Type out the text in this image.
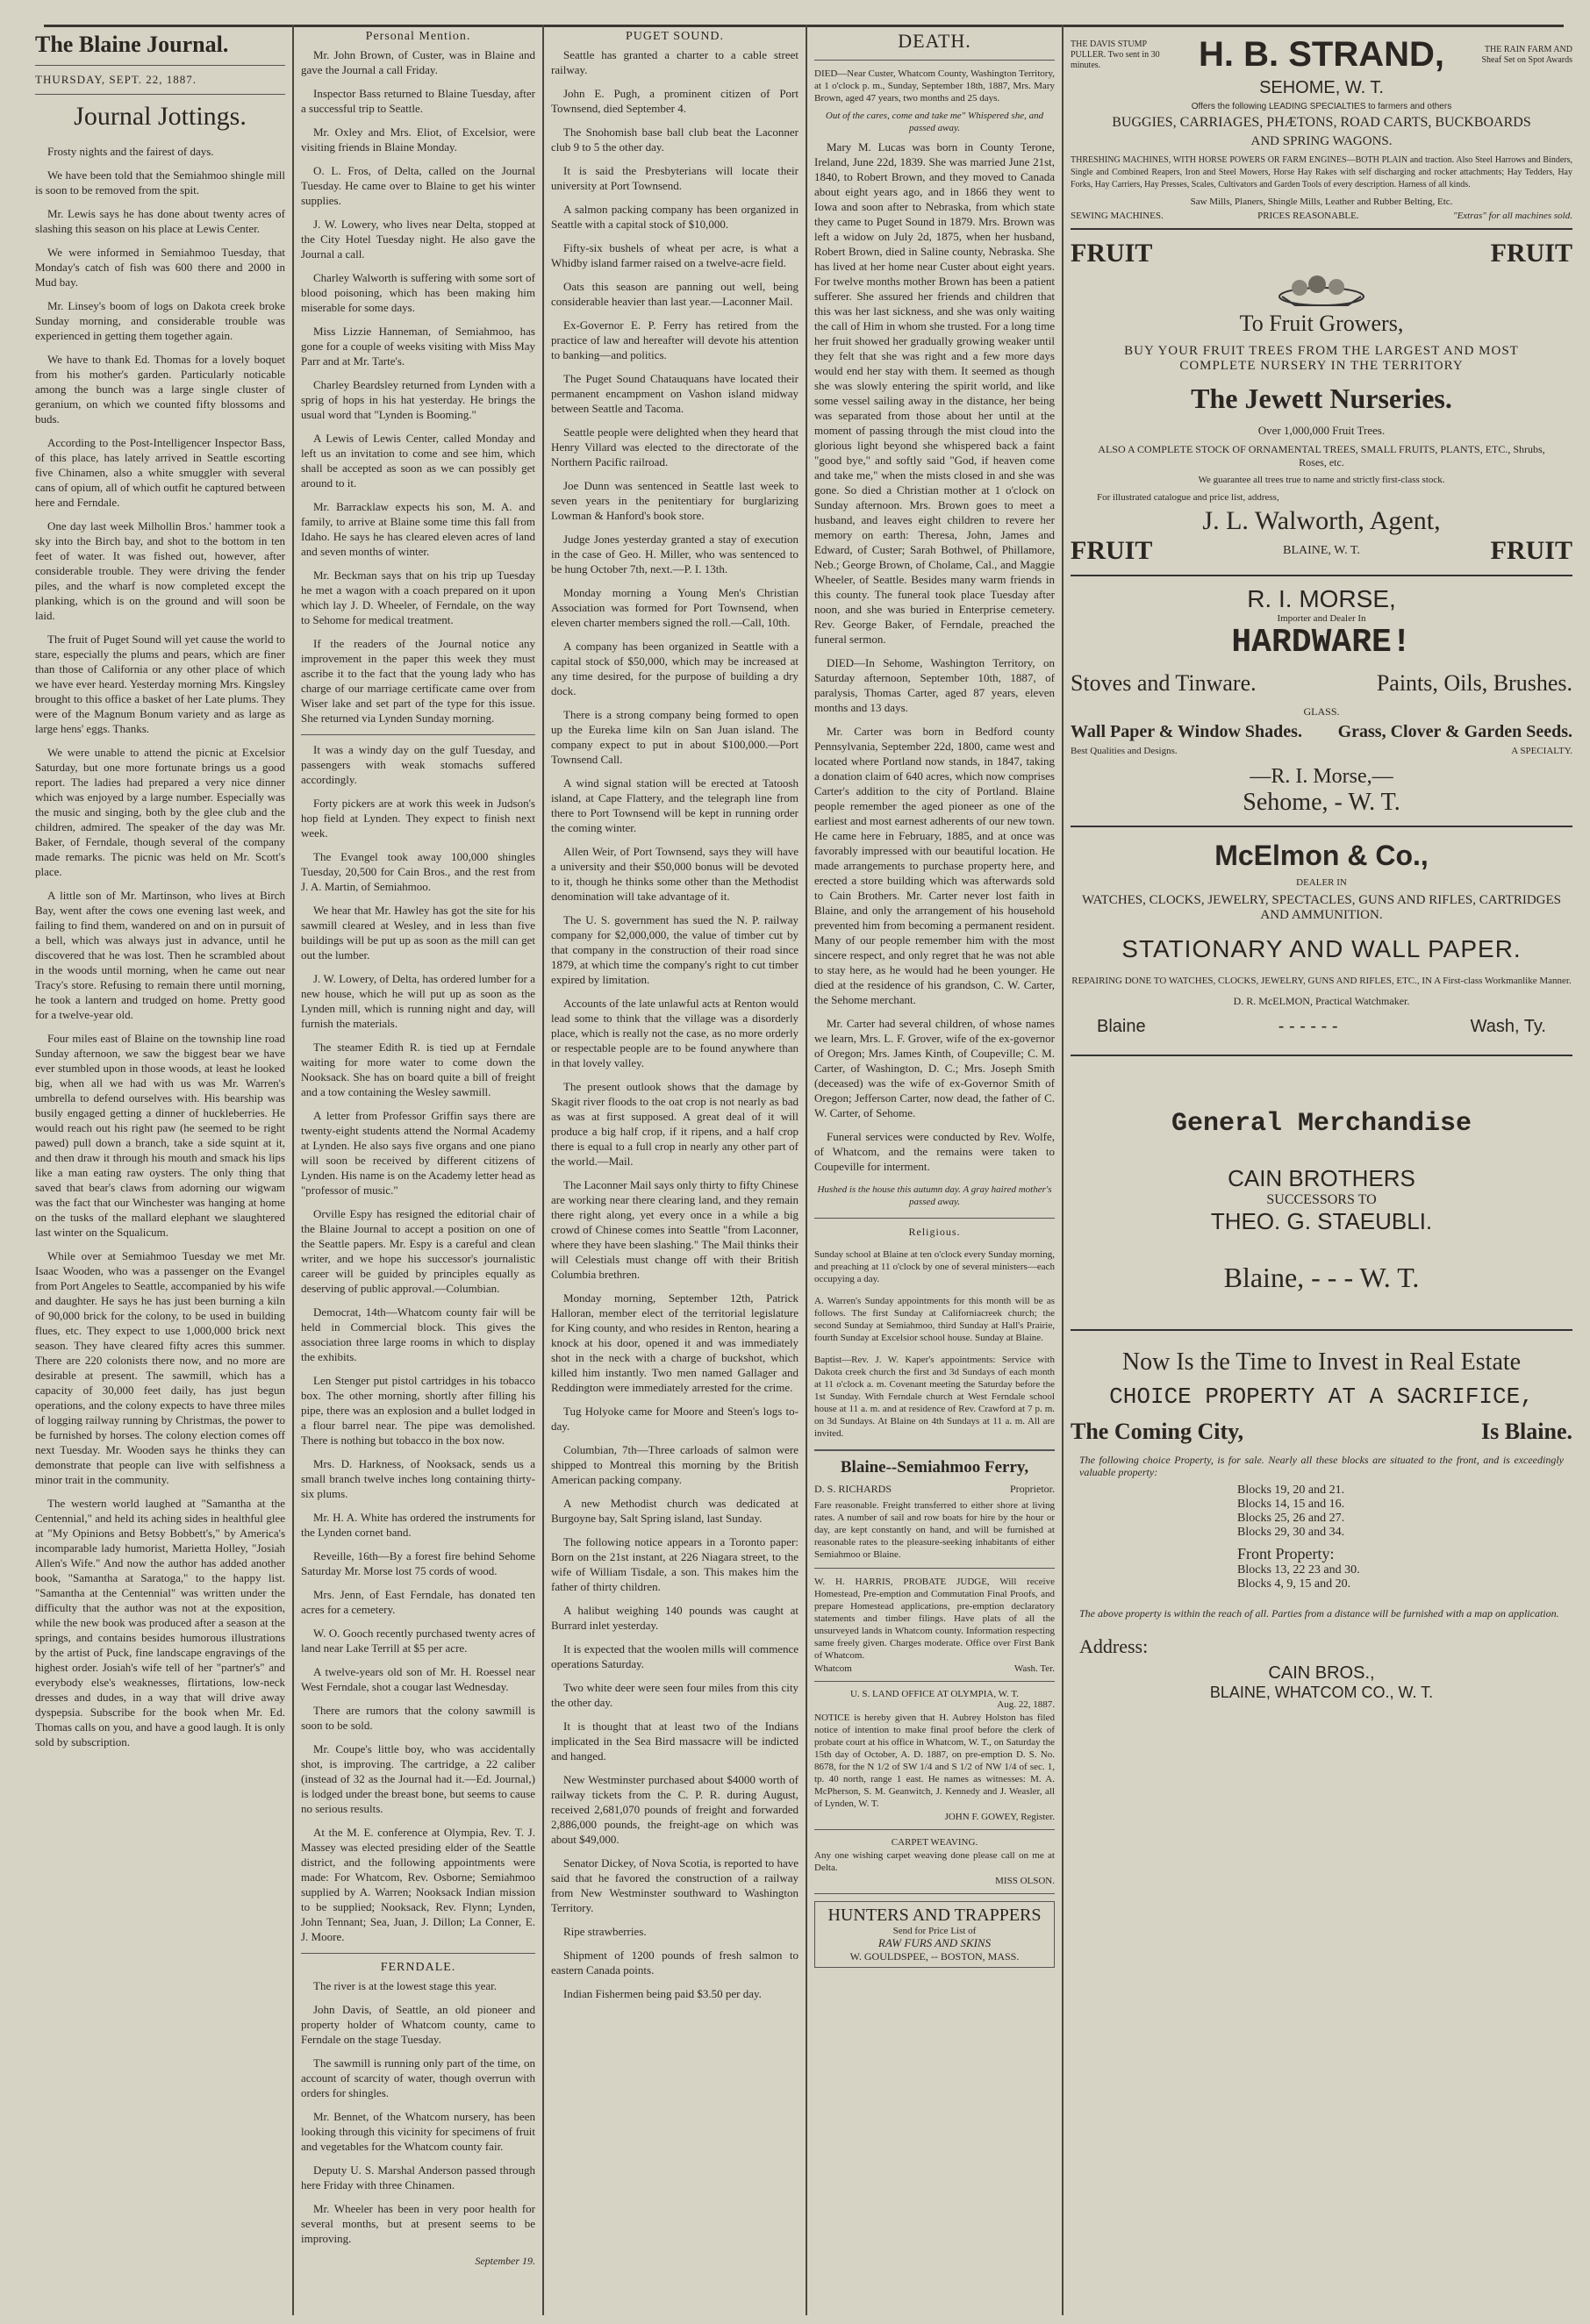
The Blaine Journal.
THURSDAY, SEPT. 22, 1887.
Journal Jottings.

Frosty nights and the fairest of days.

We have been told that the Semiahmoo shingle mill is soon to be removed from the spit.

Mr. Lewis says he has done about twenty acres of slashing this season on his place at Lewis Center.

We were informed in Semiahmoo Tuesday, that Monday's catch of fish was 600 there and 2000 in Mud bay.

Mr. Linsey's boom of logs on Dakota creek broke Sunday morning, and considerable trouble was experienced in getting them together again.

We have to thank Ed. Thomas for a lovely boquet from his mother's garden. Particularly noticable among the bunch was a large single cluster of geranium, on which we counted fifty blossoms and buds.

According to the Post-Intelligencer Inspector Bass, of this place, has lately arrived in Seattle escorting five Chinamen, also a white smuggler with several cans of opium, all of which outfit he captured between here and Ferndale.

One day last week Milhollin Bros.' hammer took a sky into the Birch bay, and shot to the bottom in ten feet of water. It was fished out, however, after considerable trouble. They were driving the fender piles, and the wharf is now completed except the planking, which is on the ground and will soon be laid.

The fruit of Puget Sound will yet cause the world to stare, especially the plums and pears, which are finer than those of California or any other place of which we have ever heard. Yesterday morning Mrs. Kingsley brought to this office a basket of her Late plums. They were of the Magnum Bonum variety and as large as large hens' eggs. Thanks.

We were unable to attend the picnic at Excelsior Saturday, but one more fortunate brings us a good report. The ladies had prepared a very nice dinner which was enjoyed by a large number. Especially was the music and singing, both by the glee club and the children, admired. The speaker of the day was Mr. Baker, of Ferndale, though several of the company made remarks. The picnic was held on Mr. Scott's place.

A little son of Mr. Martinson, who lives at Birch Bay, went after the cows one evening last week, and failing to find them, wandered on and on in pursuit of a bell, which was always just in advance, until he discovered that he was lost. Then he scrambled about in the woods until morning, when he came out near Tracy's store. Refusing to remain there until morning, he took a lantern and trudged on home. Pretty good for a twelve-year old.

Four miles east of Blaine on the township line road Sunday afternoon, we saw the biggest bear we have ever stumbled upon in those woods, at least he looked big, when all we had with us was Mr. Warren's umbrella to defend ourselves with. His bearship was busily engaged getting a dinner of huckleberries. He would reach out his right paw (he seemed to be right pawed) pull down a branch, take a side squint at it, and then draw it through his mouth and smack his lips like a man eating raw oysters. The only thing that saved that bear's claws from adorning our wigwam was the fact that our Winchester was hanging at home on the tusks of the mallard elephant we slaughtered last winter on the Squalicum.

While over at Semiahmoo Tuesday we met Mr. Isaac Wooden, who was a passenger on the Evangel from Port Angeles to Seattle, accompanied by his wife and daughter. He says he has just been burning a kiln of 90,000 brick for the colony, to be used in building flues, etc. They expect to use 1,000,000 brick next season. They have cleared fifty acres this summer. There are 220 colonists there now, and no more are desirable at present. The sawmill, which has a capacity of 30,000 feet daily, has just begun operations, and the colony expects to have three miles of logging railway running by Christmas, the power to be furnished by horses. The colony election comes off next Tuesday. Mr. Wooden says he thinks they can demonstrate that people can live with selfishness a minor trait in the community.

The western world laughed at "Samantha at the Centennial," and held its aching sides in healthful glee at "My Opinions and Betsy Bobbett's," by America's incomparable lady humorist, Marietta Holley, "Josiah Allen's Wife." And now the author has added another book, "Samantha at Saratoga," to the happy list. "Samantha at the Centennial" was written under the difficulty that the author was not at the exposition, while the new book was produced after a season at the springs, and contains besides humorous illustrations by the artist of Puck, fine landscape engravings of the highest order. Josiah's wife tell of her "partner's" and everybody else's weaknesses, flirtations, low-neck dresses and dudes, in a way that will drive away dyspepsia. Subscribe for the book when Mr. Ed. Thomas calls on you, and have a good laugh. It is only sold by subscription.

Personal Mention.

Mr. John Brown, of Custer, was in Blaine and gave the Journal a call Friday.

Inspector Bass returned to Blaine Tuesday, after a successful trip to Seattle.

Mr. Oxley and Mrs. Eliot, of Excelsior, were visiting friends in Blaine Monday.

O. L. Fros, of Delta, called on the Journal Tuesday. He came over to Blaine to get his winter supplies.

J. W. Lowery, who lives near Delta, stopped at the City Hotel Tuesday night. He also gave the Journal a call.

Charley Walworth is suffering with some sort of blood poisoning, which has been making him miserable for some days.

Miss Lizzie Hanneman, of Semiahmoo, has gone for a couple of weeks visiting with Miss May Parr and at Mr. Tarte's.

Charley Beardsley returned from Lynden with a sprig of hops in his hat yesterday. He brings the usual word that "Lynden is Booming."

A Lewis of Lewis Center, called Monday and left us an invitation to come and see him, which shall be accepted as soon as we can possibly get around to it.

Mr. Barracklaw expects his son, M. A. and family, to arrive at Blaine some time this fall from Idaho. He says he has cleared eleven acres of land and seven months of winter.

Mr. Beckman says that on his trip up Tuesday he met a wagon with a coach prepared on it upon which lay J. D. Wheeler, of Ferndale, on the way to Sehome for medical treatment.

If the readers of the Journal notice any improvement in the paper this week they must ascribe it to the fact that the young lady who has charge of our marriage certificate came over from Wiser lake and set part of the type for this issue. She returned via Lynden Sunday morning.

It was a windy day on the gulf Tuesday, and passengers with weak stomachs suffered accordingly.

Forty pickers are at work this week in Judson's hop field at Lynden. They expect to finish next week.

The Evangel took away 100,000 shingles Tuesday, 20,500 for Cain Bros., and the rest from J. A. Martin, of Semiahmoo.

We hear that Mr. Hawley has got the site for his sawmill cleared at Wesley, and in less than five buildings will be put up as soon as the mill can get out the lumber.

J. W. Lowery, of Delta, has ordered lumber for a new house, which he will put up as soon as the Lynden mill, which is running night and day, will furnish the materials.

The steamer Edith R. is tied up at Ferndale waiting for more water to come down the Nooksack. She has on board quite a bill of freight and a tow containing the Wesley sawmill.

A letter from Professor Griffin says there are twenty-eight students attend the Normal Academy at Lynden. He also says five organs and one piano will soon be received by different citizens of Lynden. His name is on the Academy letter head as "professor of music."

Orville Espy has resigned the editorial chair of the Blaine Journal to accept a position on one of the Seattle papers. Mr. Espy is a careful and clean writer, and we hope his successor's journalistic career will be guided by principles equally as deserving of public approval.—Columbian.

Democrat, 14th—Whatcom county fair will be held in Commercial block. This gives the association three large rooms in which to display the exhibits.

Len Stenger put pistol cartridges in his tobacco box. The other morning, shortly after filling his pipe, there was an explosion and a bullet lodged in a flour barrel near. The pipe was demolished. There is nothing but tobacco in the box now.

Mrs. D. Harkness, of Nooksack, sends us a small branch twelve inches long containing thirty-six plums.

Mr. H. A. White has ordered the instruments for the Lynden cornet band.

Reveille, 16th—By a forest fire behind Sehome Saturday Mr. Morse lost 75 cords of wood.

Mrs. Jenn, of East Ferndale, has donated ten acres for a cemetery.

W. O. Gooch recently purchased twenty acres of land near Lake Terrill at $5 per acre.

A twelve-years old son of Mr. H. Roessel near West Ferndale, shot a cougar last Wednesday.

There are rumors that the colony sawmill is soon to be sold.

Mr. Coupe's little boy, who was accidentally shot, is improving. The cartridge, a 22 caliber (instead of 32 as the Journal had it.—Ed. Journal,) is lodged under the breast bone, but seems to cause no serious results.

At the M. E. conference at Olympia, Rev. T. J. Massey was elected presiding elder of the Seattle district, and the following appointments were made: For Whatcom, Rev. Osborne; Semiahmoo supplied by A. Warren; Nooksack Indian mission to be supplied; Nooksack, Rev. Flynn; Lynden, John Tennant; Sea, Juan, J. Dillon; La Conner, E. J. Moore.

FERNDALE.

The river is at the lowest stage this year.

John Davis, of Seattle, an old pioneer and property holder of Whatcom county, came to Ferndale on the stage Tuesday.

The sawmill is running only part of the time, on account of scarcity of water, though overrun with orders for shingles.

Mr. Bennet, of the Whatcom nursery, has been looking through this vicinity for specimens of fruit and vegetables for the Whatcom county fair.

Deputy U. S. Marshal Anderson passed through here Friday with three Chinamen.

Mr. Wheeler has been in very poor health for several months, but at present seems to be improving.

September 19.
PUGET SOUND.

Seattle has granted a charter to a cable street railway.

John E. Pugh, a prominent citizen of Port Townsend, died September 4.

The Snohomish base ball club beat the Laconner club 9 to 5 the other day.

It is said the Presbyterians will locate their university at Port Townsend.

A salmon packing company has been organized in Seattle with a capital stock of $10,000.

Fifty-six bushels of wheat per acre, is what a Whidby island farmer raised on a twelve-acre field.

Oats this season are panning out well, being considerable heavier than last year.—Laconner Mail.

Ex-Governor E. P. Ferry has retired from the practice of law and hereafter will devote his attention to banking—and politics.

The Puget Sound Chatauquans have located their permanent encampment on Vashon island midway between Seattle and Tacoma.

Seattle people were delighted when they heard that Henry Villard was elected to the directorate of the Northern Pacific railroad.

Joe Dunn was sentenced in Seattle last week to seven years in the penitentiary for burglarizing Lowman & Hanford's book store.

Judge Jones yesterday granted a stay of execution in the case of Geo. H. Miller, who was sentenced to be hung October 7th, next.—P. I. 13th.

Monday morning a Young Men's Christian Association was formed for Port Townsend, when eleven charter members signed the roll.—Call, 10th.

A company has been organized in Seattle with a capital stock of $50,000, which may be increased at any time desired, for the purpose of building a dry dock.

There is a strong company being formed to open up the Eureka lime kiln on San Juan island. The company expect to put in about $100,000.—Port Townsend Call.

A wind signal station will be erected at Tatoosh island, at Cape Flattery, and the telegraph line from there to Port Townsend will be kept in running order the coming winter.

Allen Weir, of Port Townsend, says they will have a university and their $50,000 bonus will be devoted to it, though he thinks some other than the Methodist denomination will take advantage of it.

The U. S. government has sued the N. P. railway company for $2,000,000, the value of timber cut by that company in the construction of their road since 1879, at which time the company's right to cut timber expired by limitation.

Accounts of the late unlawful acts at Renton would lead some to think that the village was a disorderly place, which is really not the case, as no more orderly or respectable people are to be found anywhere than in that lovely valley.

The present outlook shows that the damage by Skagit river floods to the oat crop is not nearly as bad as was at first supposed. A great deal of it will produce a big half crop, if it ripens, and a half crop there is equal to a full crop in nearly any other part of the world.—Mail.

The Laconner Mail says only thirty to fifty Chinese are working near there clearing land, and they remain there right along, yet every once in a while a big crowd of Chinese comes into Seattle "from Laconner, where they have been slashing." The Mail thinks their will Celestials must change off with their British Columbia brethren.

Monday morning, September 12th, Patrick Halloran, member elect of the territorial legislature for King county, and who resides in Renton, hearing a knock at his door, opened it and was immediately shot in the neck with a charge of buckshot, which killed him instantly. Two men named Gallager and Reddington were immediately arrested for the crime.

Tug Holyoke came for Moore and Steen's logs to-day.

Columbian, 7th—Three carloads of salmon were shipped to Montreal this morning by the British American packing company.

A new Methodist church was dedicated at Burgoyne bay, Salt Spring island, last Sunday.

The following notice appears in a Toronto paper: Born on the 21st instant, at 226 Niagara street, to the wife of William Tisdale, a son. This makes him the father of thirty children.

A halibut weighing 140 pounds was caught at Burrard inlet yesterday.

It is expected that the woolen mills will commence operations Saturday.

Two white deer were seen four miles from this city the other day.

It is thought that at least two of the Indians implicated in the Sea Bird massacre will be indicted and hanged.

New Westminster purchased about $4000 worth of railway tickets from the C. P. R. during August, received 2,681,070 pounds of freight and forwarded 2,886,000 pounds, the freight-age on which was about $49,000.

Senator Dickey, of Nova Scotia, is reported to have said that he favored the construction of a railway from New Westminster southward to Washington Territory.

Ripe strawberries.

Shipment of 1200 pounds of fresh salmon to eastern Canada points.

Indian Fishermen being paid $3.50 per day.

DEATH.

DIED—Near Custer, Whatcom County, Washington Territory, at 1 o'clock p. m., Sunday, September 18th, 1887, Mrs. Mary Brown, aged 47 years, two months and 25 days.

Out of the cares, come and take me" Whispered she, and passed away.

Mary M. Lucas was born in County Terone, Ireland, June 22d, 1839. She was married June 21st, 1840, to Robert Brown, and they moved to Canada about eight years ago, and in 1866 they went to Iowa and soon after to Nebraska, from which state they came to Puget Sound in 1879. Mrs. Brown was left a widow on July 2d, 1875, when her husband, Robert Brown, died in Saline county, Nebraska. She has lived at her home near Custer about eight years. For twelve months mother Brown has been a patient sufferer. She assured her friends and children that this was her last sickness, and she was only waiting the call of Him in whom she trusted. For a long time her fruit showed her gradually growing weaker until they felt that she was right and a few more days would end her stay with them. It seemed as though she was slowly entering the spirit world, and like some vessel sailing away in the distance, her being was separated from those about her until at the moment of passing through the mist cloud into the glorious light beyond she whispered back a faint "good bye," and softly said "God, if heaven come and take me," when the mists closed in and she was gone. So died a Christian mother at 1 o'clock on Sunday afternoon. Mrs. Brown goes to meet a husband, and leaves eight children to revere her memory on earth: Theresa, John, James and Edward, of Custer; Sarah Bothwel, of Phillamore, Neb.; George Brown, of Cholame, Cal., and Maggie Wheeler, of Seattle. Besides many warm friends in this county. The funeral took place Tuesday after noon, and she was buried in Enterprise cemetery. Rev. George Baker, of Ferndale, preached the funeral sermon.

DIED—In Sehome, Washington Territory, on Saturday afternoon, September 10th, 1887, of paralysis, Thomas Carter, aged 87 years, eleven months and 13 days.

Mr. Carter was born in Bedford county Pennsylvania, September 22d, 1800, came west and located where Portland now stands, in 1847, taking a donation claim of 640 acres, which now comprises Carter's addition to the city of Portland. Blaine people remember the aged pioneer as one of the earliest and most earnest adherents of our new town. He came here in February, 1885, and at once was favorably impressed with our beautiful location. He made arrangements to purchase property here, and erected a store building which was afterwards sold to Cain Brothers. Mr. Carter never lost faith in Blaine, and only the arrangement of his household prevented him from becoming a permanent resident. Many of our people remember him with the most sincere respect, and only regret that he was not able to stay here, as he would had he been younger. He died at the residence of his grandson, C. W. Carter, the Sehome merchant.

Mr. Carter had several children, of whose names we learn, Mrs. L. F. Grover, wife of the ex-governor of Oregon; Mrs. James Kinth, of Coupeville; C. M. Carter, of Washington, D. C.; Mrs. Joseph Smith (deceased) was the wife of ex-Governor Smith of Oregon; Jefferson Carter, now dead, the father of C. W. Carter, of Sehome.

Funeral services were conducted by Rev. Wolfe, of Whatcom, and the remains were taken to Coupeville for interment.

Hushed is the house this autumn day. A gray haired mother's passed away.

Religious.

Sunday school at Blaine at ten o'clock every Sunday morning, and preaching at 11 o'clock by one of several ministers—each occupying a day.

A. Warren's Sunday appointments for this month will be as follows. The first Sunday at Californiacreek church; the second Sunday at Semiahmoo, third Sunday at Hall's Prairie, fourth Sunday at Excelsior school house. Sunday at Blaine.

Baptist—Rev. J. W. Kaper's appointments: Service with Dakota creek church the first and 3d Sundays of each month at 11 o'clock a. m. Covenant meeting the Saturday before the 1st Sunday. With Ferndale church at West Ferndale school house at 11 a. m. and at residence of Rev. Crawford at 7 p. m. on 3d Sundays. At Blaine on 4th Sundays at 11 a. m. All are invited.

Blaine--Semiahmoo Ferry,
D. S. RICHARDS	Proprietor.

Fare reasonable. Freight transferred to either shore at living rates. A number of sail and row boats for hire by the hour or day, are kept constantly on hand, and will be furnished at reasonable rates to the pleasure-seeking inhabitants of either Semiahmoo or Blaine.

W. H. HARRIS, PROBATE JUDGE, Will receive Homestead, Pre-emption and Commutation Final Proofs, and prepare Homestead applications, pre-emption declaratory statements and timber filings. Have plats of all the unsurveyed lands in Whatcom county. Information respecting same freely given. Charges moderate. Office over First Bank of Whatcom.

Whatcom	Wash. Ter.
U. S. LAND OFFICE AT OLYMPIA, W. T.
Aug. 22, 1887.

NOTICE is hereby given that H. Aubrey Holston has filed notice of intention to make final proof before the clerk of probate court at his office in Whatcom, W. T., on Saturday the 15th day of October, A. D. 1887, on pre-emption D. S. No. 8678, for the N 1/2 of SW 1/4 and S 1/2 of NW 1/4 of sec. 1, tp. 40 north, range 1 east. He names as witnesses: M. A. McPherson, S. M. Geanwitch, J. Kennedy and J. Weasler, all of Lynden, W. T.

JOHN F. GOWEY, Register.
CARPET WEAVING.

Any one wishing carpet weaving done please call on me at Delta.

MISS OLSON.
HUNTERS AND TRAPPERS
Send for Price List of
RAW FURS AND SKINS
W. GOULDSPEE, -- BOSTON, MASS.
THE DAVIS STUMP PULLER. Two sent in 30 minutes.	H. B. STRAND,	THE RAIN FARM AND Sheaf Set on Spot Awards
SEHOME, W. T.
Offers the following LEADING SPECIALTIES to farmers and others
BUGGIES, CARRIAGES, PHÆTONS, ROAD CARTS, BUCKBOARDS
AND SPRING WAGONS.

THRESHING MACHINES, WITH HORSE POWERS OR FARM ENGINES—BOTH PLAIN and traction. Also Steel Harrows and Binders, Single and Combined Reapers, Iron and Steel Mowers, Horse Hay Rakes with self discharging and rocker attachments; Hay Tedders, Hay Forks, Hay Carriers, Hay Presses, Scales, Cultivators and Garden Tools of every description. Harness of all kinds.

Saw Mills, Planers, Shingle Mills, Leather and Rubber Belting, Etc.
SEWING MACHINES.	PRICES REASONABLE.	"Extras" for all machines sold.
FRUIT	FRUIT
To Fruit Growers,
BUY YOUR FRUIT TREES FROM THE LARGEST AND MOST COMPLETE NURSERY IN THE TERRITORY
The Jewett Nurseries.
Over 1,000,000 Fruit Trees.
ALSO A COMPLETE STOCK OF ORNAMENTAL TREES, SMALL FRUITS, PLANTS, ETC., Shrubs, Roses, etc.
We guarantee all trees true to name and strictly first-class stock.
For illustrated catalogue and price list, address,
J. L. Walworth, Agent,
FRUIT	BLAINE, W. T.	FRUIT
R. I. MORSE,
Importer and Dealer In
HARDWARE!
Stoves and Tinware.	Paints, Oils, Brushes.
GLASS.
Wall Paper & Window Shades. Grass, Clover & Garden Seeds.
Best Qualities and Designs.	A SPECIALTY.
—R. I. Morse,—
Sehome, - W. T.
McElmon & Co.,
DEALER IN
WATCHES, CLOCKS, JEWELRY, SPECTACLES, GUNS AND RIFLES, CARTRIDGES AND AMMUNITION.
STATIONARY AND WALL PAPER.
REPAIRING DONE TO WATCHES, CLOCKS, JEWELRY, GUNS AND RIFLES, ETC., IN A First-class Workmanlike Manner.
D. R. McELMON, Practical Watchmaker.
Blaine	- - - - - -	Wash, Ty.
General Merchandise
CAIN BROTHERS
SUCCESSORS TO
THEO. G. STAEUBLI.
Blaine, - - - W. T.
Now Is the Time to Invest in Real Estate
CHOICE PROPERTY AT A SACRIFICE,
The Coming City,	Is Blaine.

The following choice Property, is for sale. Nearly all these blocks are situated to the front, and is exceedingly valuable property:

Blocks 19, 20 and 21.
Blocks 14, 15 and 16.
Blocks 25, 26 and 27.
Blocks 29, 30 and 34.
Front Property:
Blocks 13, 22 23 and 30.
Blocks 4, 9, 15 and 20.

The above property is within the reach of all. Parties from a distance will be furnished with a map on application.

Address:
CAIN BROS.,
BLAINE, WHATCOM CO., W. T.
